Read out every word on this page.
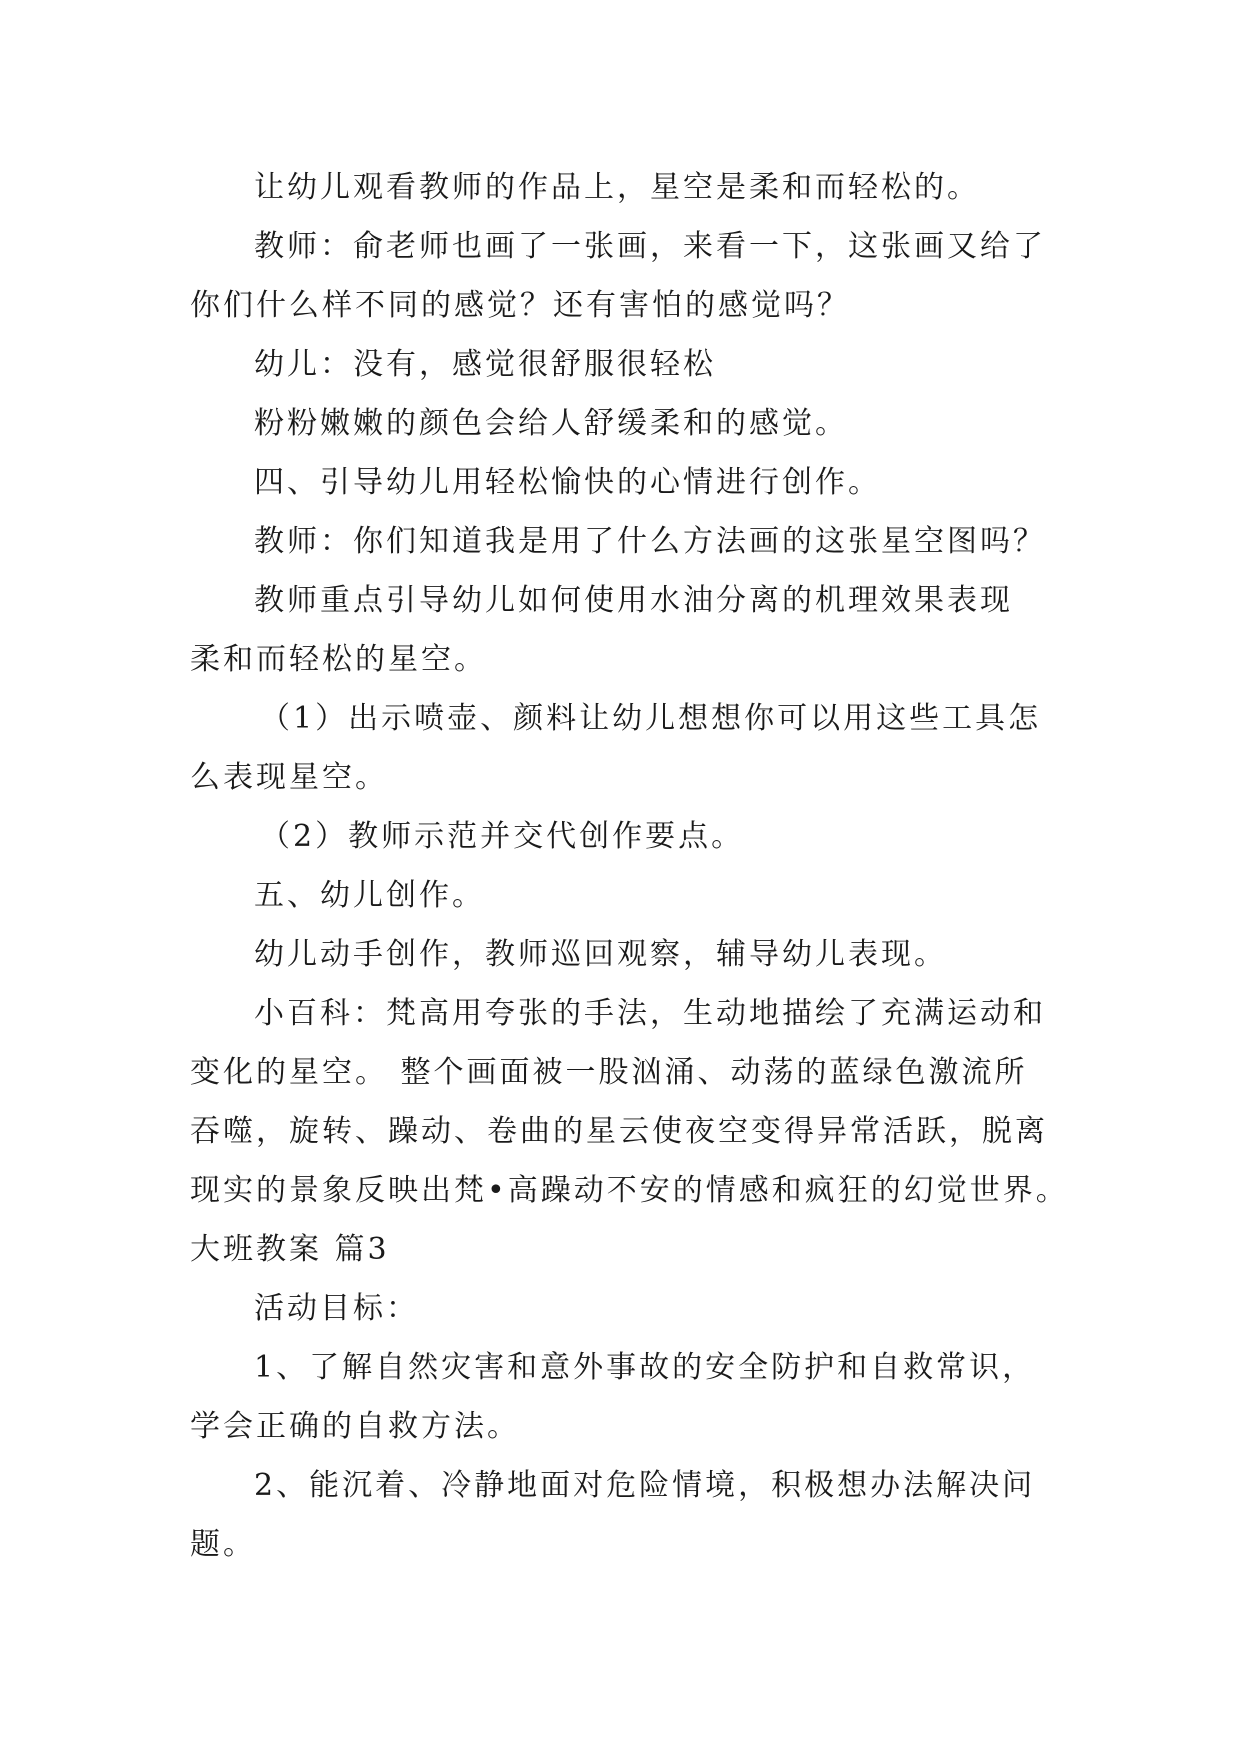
让幼儿观看教师的作品上，星空是柔和而轻松的。

教师：俞老师也画了一张画，来看一下，这张画又给了
你们什么样不同的感觉？还有害怕的感觉吗？

幼儿：没有，感觉很舒服很轻松

粉粉嫩嫩的颜色会给人舒缓柔和的感觉。

四、引导幼儿用轻松愉快的心情进行创作。

教师：你们知道我是用了什么方法画的这张星空图吗？

教师重点引导幼儿如何使用水油分离的机理效果表现
柔和而轻松的星空。

（1）出示喷壶、颜料让幼儿想想你可以用这些工具怎
么表现星空。

（2）教师示范并交代创作要点。

五、幼儿创作。

幼儿动手创作，教师巡回观察，辅导幼儿表现。

小百科：梵高用夸张的手法，生动地描绘了充满运动和
变化的星空。 整个画面被一股汹涌、动荡的蓝绿色激流所
吞噬，旋转、躁动、卷曲的星云使夜空变得异常活跃，脱离
现实的景象反映出梵•高躁动不安的情感和疯狂的幻觉世界。

大班教案 篇3

活动目标：

1、了解自然灾害和意外事故的安全防护和自救常识，
学会正确的自救方法。

2、能沉着、冷静地面对危险情境，积极想办法解决问
题。
